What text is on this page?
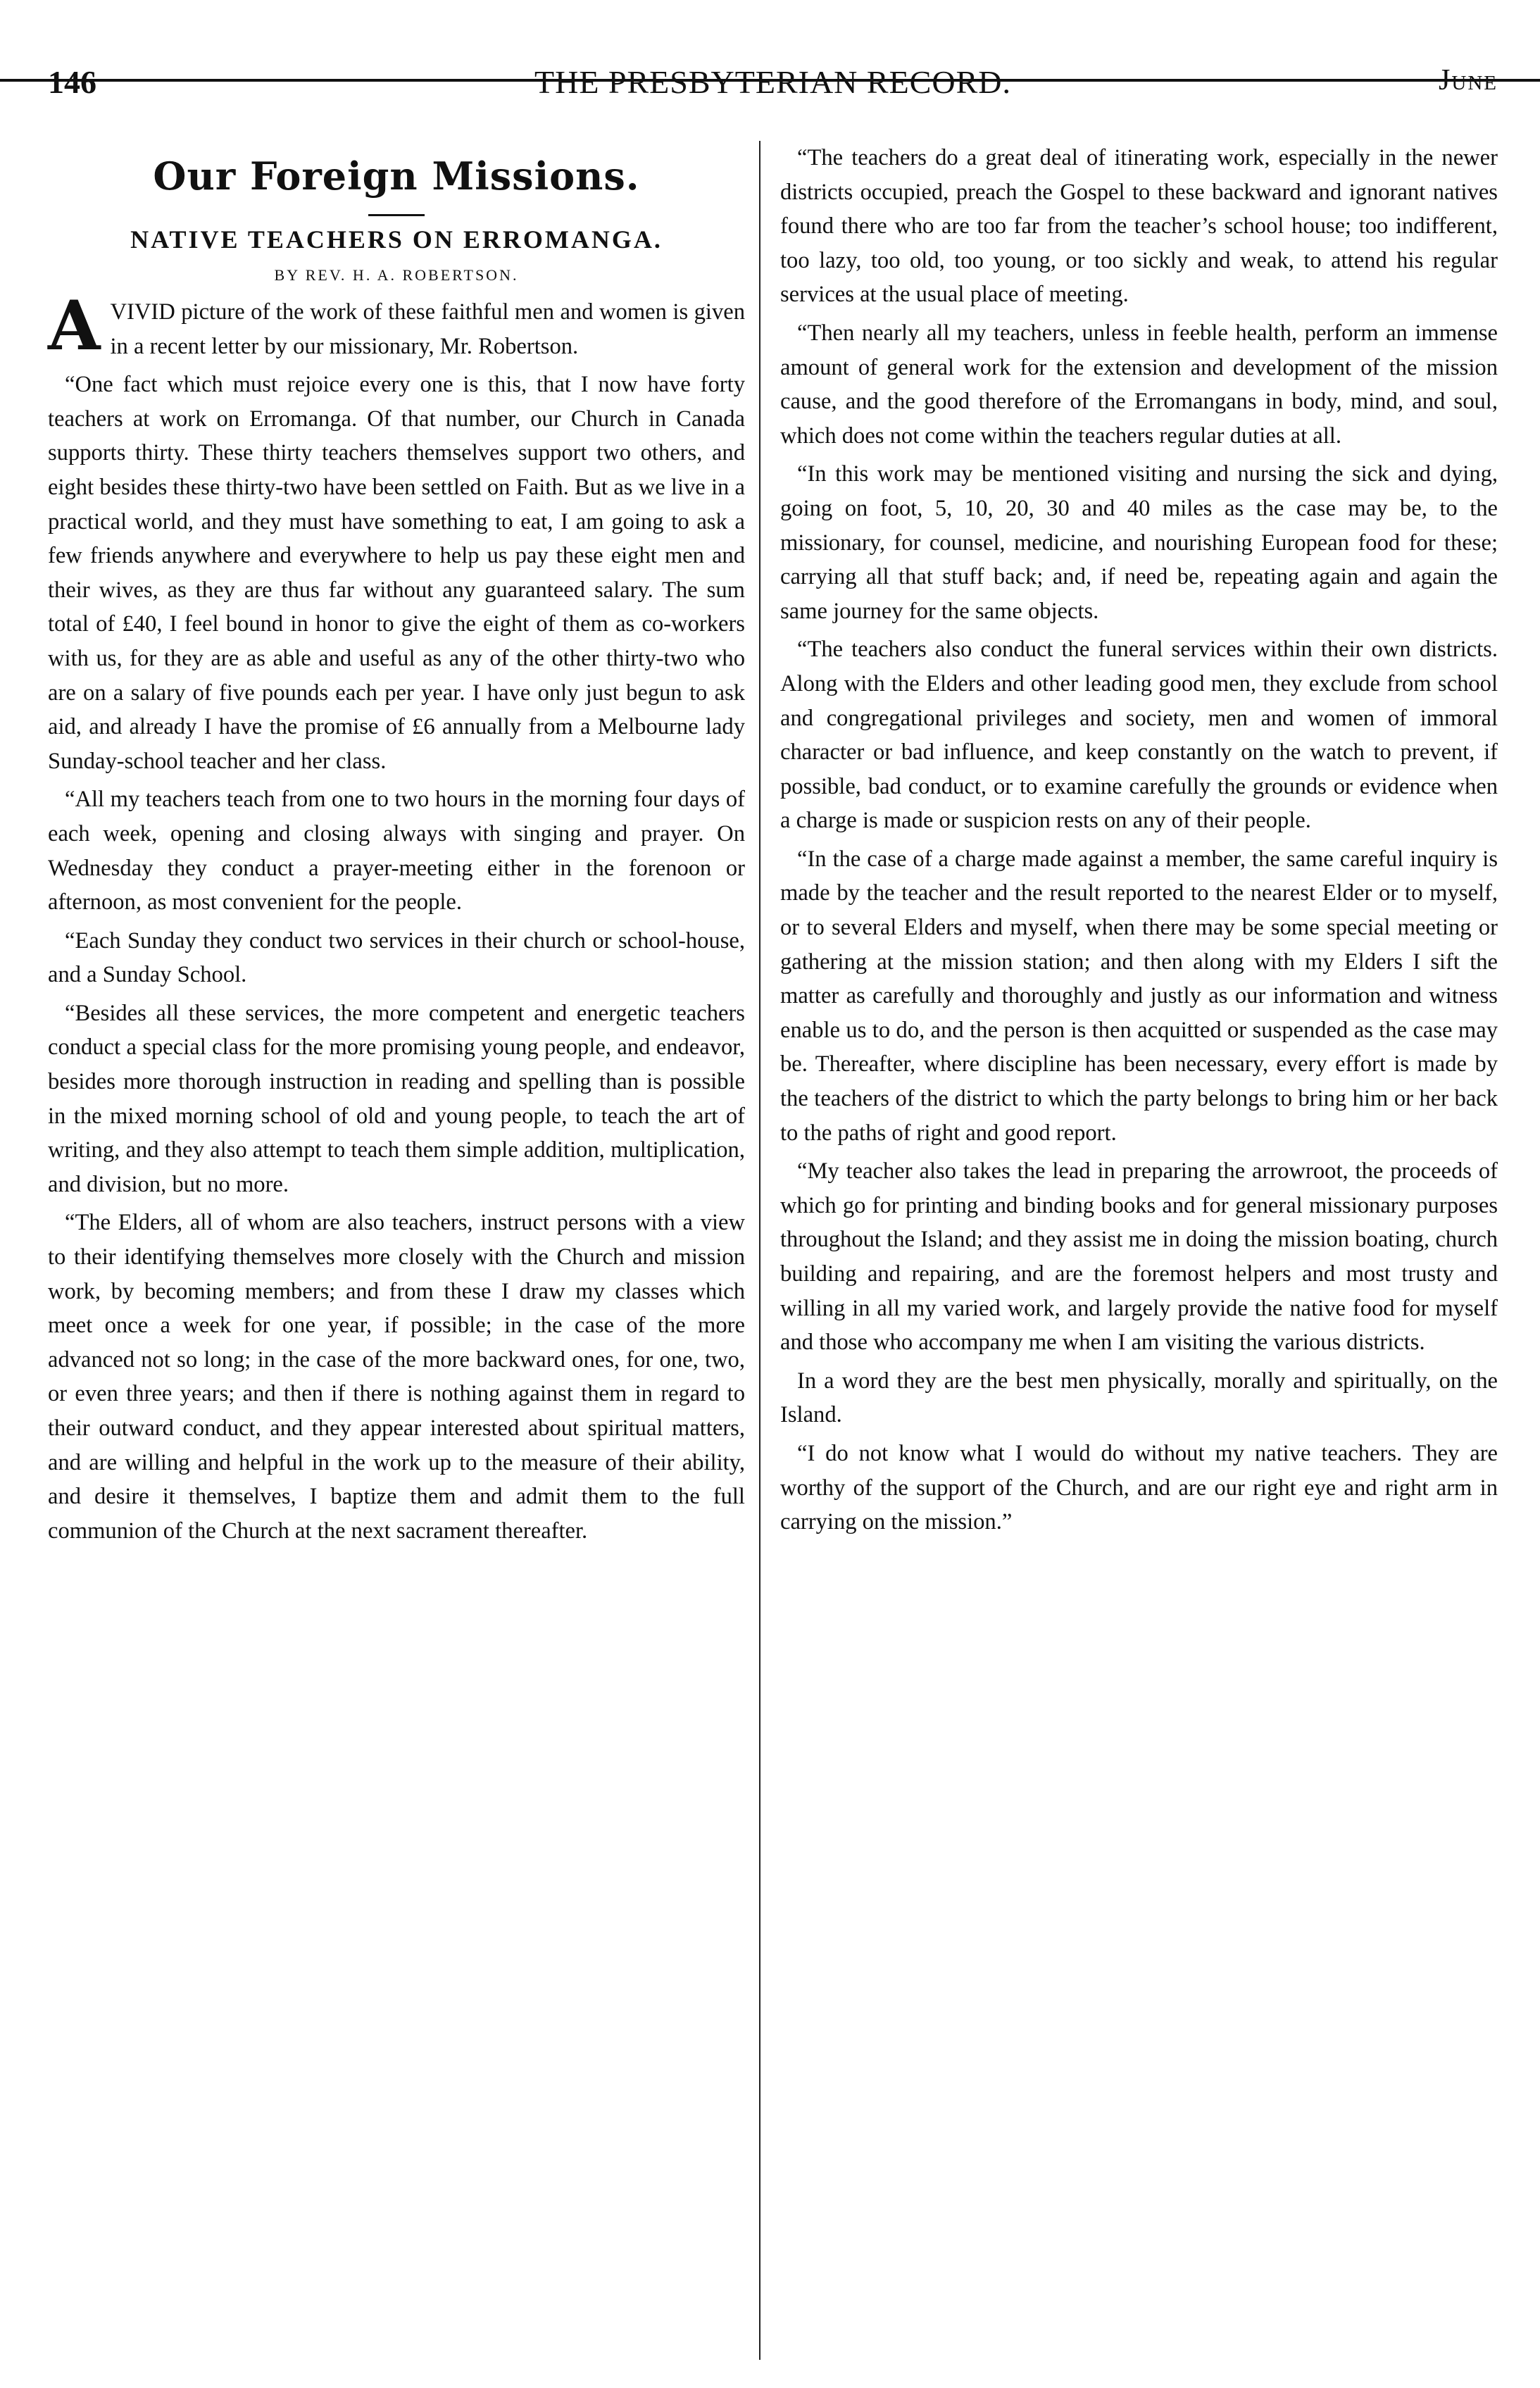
146	THE PRESBYTERIAN RECORD.	June
Our Foreign Missions.
NATIVE TEACHERS ON ERROMANGA.
BY REV. H. A. ROBERTSON.

AVIVID picture of the work of these faithful men and women is given in a recent letter by our missionary, Mr. Robertson.

“One fact which must rejoice every one is this, that I now have forty teachers at work on Erromanga. Of that number, our Church in Canada supports thirty. These thirty teachers themselves support two others, and eight besides these thirty-two have been settled on Faith. But as we live in a practical world, and they must have something to eat, I am going to ask a few friends anywhere and everywhere to help us pay these eight men and their wives, as they are thus far without any guaranteed salary. The sum total of £40, I feel bound in honor to give the eight of them as co-workers with us, for they are as able and useful as any of the other thirty-two who are on a salary of five pounds each per year. I have only just begun to ask aid, and already I have the promise of £6 annually from a Melbourne lady Sunday-school teacher and her class.

“All my teachers teach from one to two hours in the morning four days of each week, opening and closing always with singing and prayer. On Wednesday they conduct a prayer-meeting either in the forenoon or afternoon, as most convenient for the people.

“Each Sunday they conduct two services in their church or school-house, and a Sunday School.

“Besides all these services, the more competent and energetic teachers conduct a special class for the more promising young people, and endeavor, besides more thorough instruction in reading and spelling than is possible in the mixed morning school of old and young people, to teach the art of writing, and they also attempt to teach them simple addition, multiplication, and division, but no more.

“The Elders, all of whom are also teachers, instruct persons with a view to their identifying themselves more closely with the Church and mission work, by becoming members; and from these I draw my classes which meet once a week for one year, if possible; in the case of the more advanced not so long; in the case of the more backward ones, for one, two, or even three years; and then if there is nothing against them in regard to their outward conduct, and they appear interested about spiritual matters, and are willing and helpful in the work up to the measure of their ability, and desire it themselves, I baptize them and admit them to the full communion of the Church at the next sacrament thereafter.

“The teachers do a great deal of itinerating work, especially in the newer districts occupied, preach the Gospel to these backward and ignorant natives found there who are too far from the teacher’s school house; too indifferent, too lazy, too old, too young, or too sickly and weak, to attend his regular services at the usual place of meeting.

“Then nearly all my teachers, unless in feeble health, perform an immense amount of general work for the extension and development of the mission cause, and the good therefore of the Erromangans in body, mind, and soul, which does not come within the teachers regular duties at all.

“In this work may be mentioned visiting and nursing the sick and dying, going on foot, 5, 10, 20, 30 and 40 miles as the case may be, to the missionary, for counsel, medicine, and nourishing European food for these; carrying all that stuff back; and, if need be, repeating again and again the same journey for the same objects.

“The teachers also conduct the funeral services within their own districts. Along with the Elders and other leading good men, they exclude from school and congregational privileges and society, men and women of immoral character or bad influence, and keep constantly on the watch to prevent, if possible, bad conduct, or to examine carefully the grounds or evidence when a charge is made or suspicion rests on any of their people.

“In the case of a charge made against a member, the same careful inquiry is made by the teacher and the result reported to the nearest Elder or to myself, or to several Elders and myself, when there may be some special meeting or gathering at the mission station; and then along with my Elders I sift the matter as carefully and thoroughly and justly as our information and witness enable us to do, and the person is then acquitted or suspended as the case may be. Thereafter, where discipline has been necessary, every effort is made by the teachers of the district to which the party belongs to bring him or her back to the paths of right and good report.

“My teacher also takes the lead in preparing the arrowroot, the proceeds of which go for printing and binding books and for general missionary purposes throughout the Island; and they assist me in doing the mission boating, church building and repairing, and are the foremost helpers and most trusty and willing in all my varied work, and largely provide the native food for myself and those who accompany me when I am visiting the various districts.

In a word they are the best men physically, morally and spiritually, on the Island.

“I do not know what I would do without my native teachers. They are worthy of the support of the Church, and are our right eye and right arm in carrying on the mission.”
